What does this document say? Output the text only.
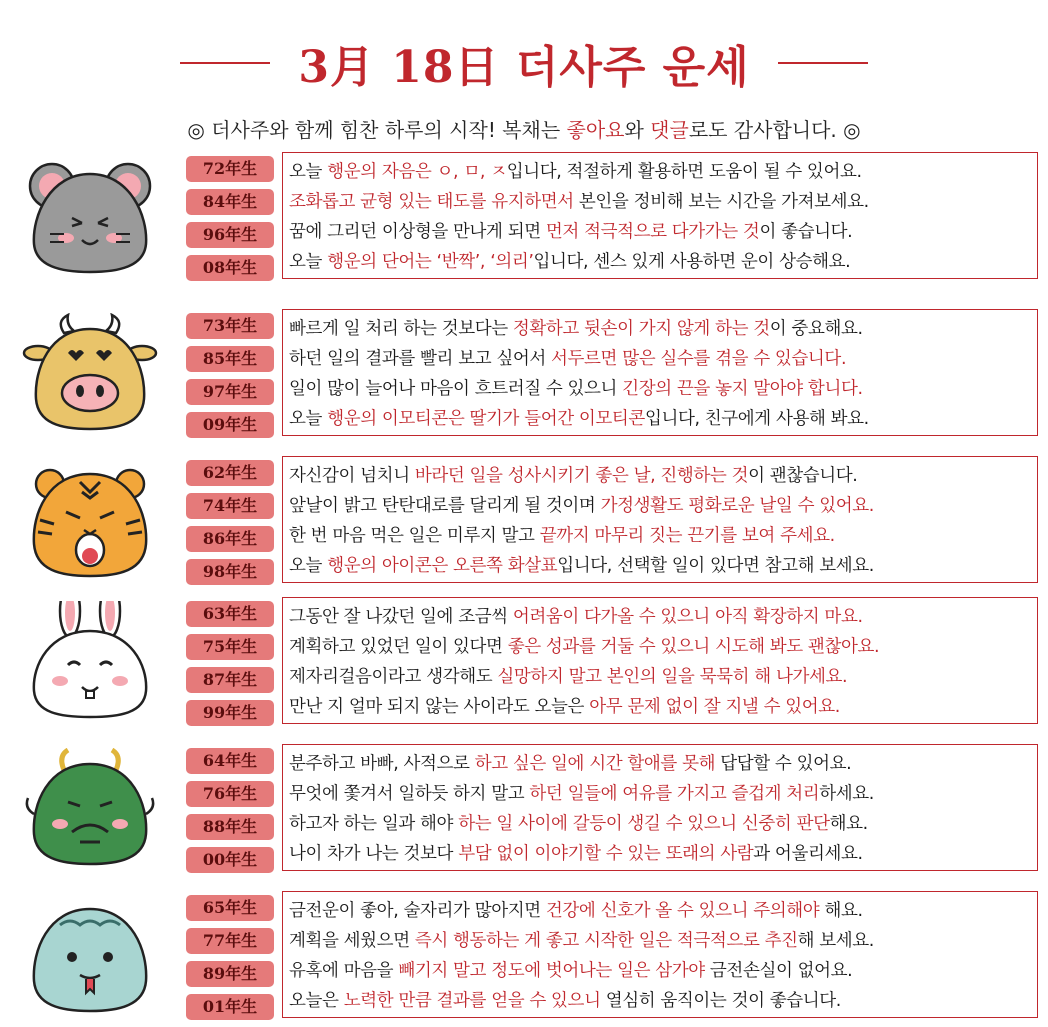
3月 18日 더사주 운세
◎ 더사주와 함께 힘찬 하루의 시작! 복채는 좋아요와 댓글로도 감사합니다. ◎
72年生
84年生
96年生
08年生
오늘 행운의 자음은 ㅇ, ㅁ, ㅈ입니다, 적절하게 활용하면 도움이 될 수 있어요.
조화롭고 균형 있는 태도를 유지하면서 본인을 정비해 보는 시간을 가져보세요.
꿈에 그리던 이상형을 만나게 되면 먼저 적극적으로 다가가는 것이 좋습니다.
오늘 행운의 단어는 ‘반짝’, ‘의리’입니다, 센스 있게 사용하면 운이 상승해요.
73年生
85年生
97年生
09年生
빠르게 일 처리 하는 것보다는 정확하고 뒷손이 가지 않게 하는 것이 중요해요.
하던 일의 결과를 빨리 보고 싶어서 서두르면 많은 실수를 겪을 수 있습니다.
일이 많이 늘어나 마음이 흐트러질 수 있으니 긴장의 끈을 놓지 말아야 합니다.
오늘 행운의 이모티콘은 딸기가 들어간 이모티콘입니다, 친구에게 사용해 봐요.
62年生
74年生
86年生
98年生
자신감이 넘치니 바라던 일을 성사시키기 좋은 날, 진행하는 것이 괜찮습니다.
앞날이 밝고 탄탄대로를 달리게 될 것이며 가정생활도 평화로운 날일 수 있어요.
한 번 마음 먹은 일은 미루지 말고 끝까지 마무리 짓는 끈기를 보여 주세요.
오늘 행운의 아이콘은 오른쪽 화살표입니다, 선택할 일이 있다면 참고해 보세요.
63年生
75年生
87年生
99年生
그동안 잘 나갔던 일에 조금씩 어려움이 다가올 수 있으니 아직 확장하지 마요.
계획하고 있었던 일이 있다면 좋은 성과를 거둘 수 있으니 시도해 봐도 괜찮아요.
제자리걸음이라고 생각해도 실망하지 말고 본인의 일을 묵묵히 해 나가세요.
만난 지 얼마 되지 않는 사이라도 오늘은 아무 문제 없이 잘 지낼 수 있어요.
64年生
76年生
88年生
00年生
분주하고 바빠, 사적으로 하고 싶은 일에 시간 할애를 못해 답답할 수 있어요.
무엇에 쫓겨서 일하듯 하지 말고 하던 일들에 여유를 가지고 즐겁게 처리하세요.
하고자 하는 일과 해야 하는 일 사이에 갈등이 생길 수 있으니 신중히 판단해요.
나이 차가 나는 것보다 부담 없이 이야기할 수 있는 또래의 사람과 어울리세요.
65年生
77年生
89年生
01年生
금전운이 좋아, 술자리가 많아지면 건강에 신호가 올 수 있으니 주의해야 해요.
계획을 세웠으면 즉시 행동하는 게 좋고 시작한 일은 적극적으로 추진해 보세요.
유혹에 마음을 빼기지 말고 정도에 벗어나는 일은 삼가야 금전손실이 없어요.
오늘은 노력한 만큼 결과를 얻을 수 있으니 열심히 움직이는 것이 좋습니다.
